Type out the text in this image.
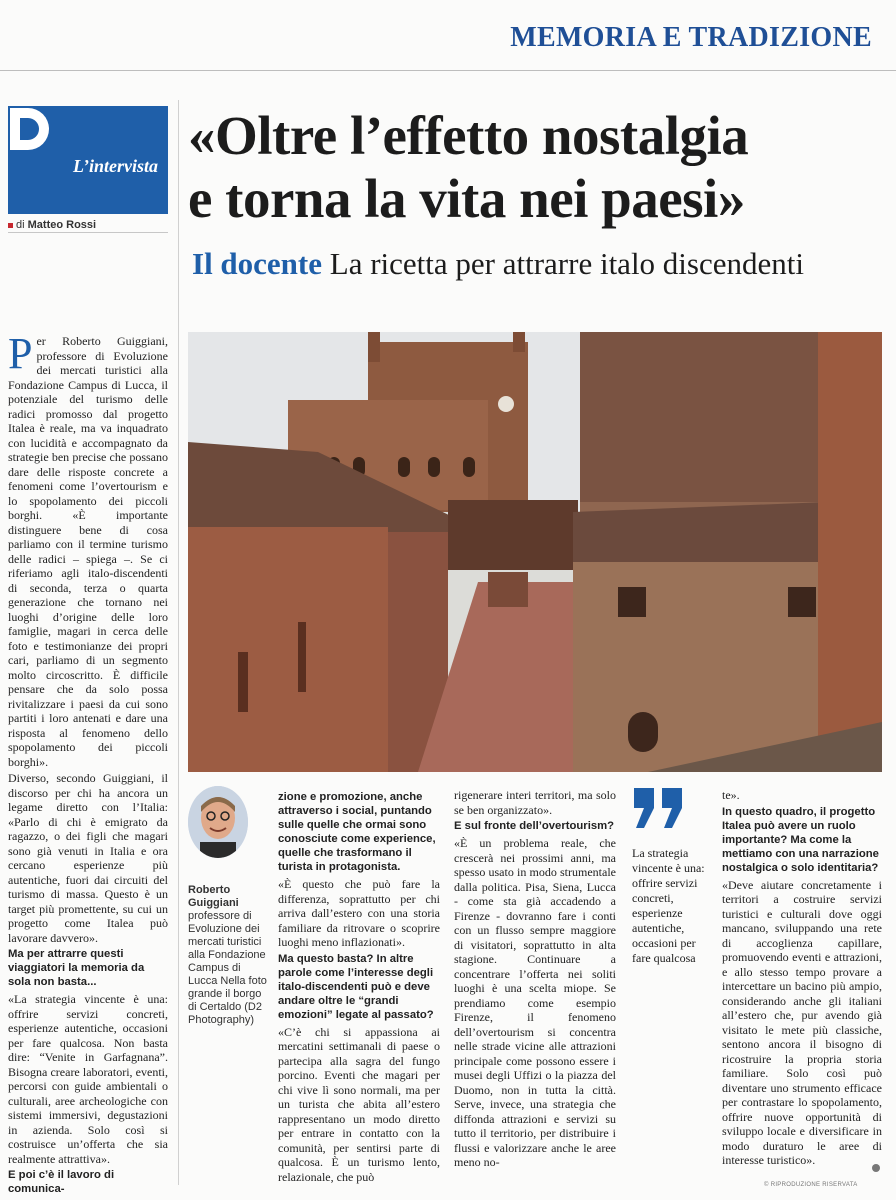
MEMORIA E TRADIZIONE
L’intervista
di Matteo Rossi
«Oltre l’effetto nostalgia
e torna la vita nei paesi»
Il docente La ricetta per attrarre italo discendenti

Per Roberto Guiggiani, professore di Evoluzione dei mercati turistici alla Fondazione Campus di Lucca, il potenziale del turismo delle radici promosso dal progetto Italea è reale, ma va inquadrato con lucidità e accompagnato da strategie ben precise che possano dare delle risposte concrete a fenomeni come l’overtourism e lo spopolamento dei piccoli borghi. «È importante distinguere bene di cosa parliamo con il termine turismo delle radici – spiega –. Se ci riferiamo agli italo-discendenti di seconda, terza o quarta generazione che tornano nei luoghi d’origine delle loro famiglie, magari in cerca delle foto e testimonianze dei propri cari, parliamo di un segmento molto circoscritto. È difficile pensare che da solo possa rivitalizzare i paesi da cui sono partiti i loro antenati e dare una risposta al fenomeno dello spopolamento dei piccoli borghi».

Diverso, secondo Guiggiani, il discorso per chi ha ancora un legame diretto con l’Italia: «Parlo di chi è emigrato da ragazzo, o dei figli che magari sono già venuti in Italia e ora cercano esperienze più autentiche, fuori dai circuiti del turismo di massa. Questo è un target più promettente, su cui un progetto come Italea può lavorare davvero».

Ma per attrarre questi viaggiatori la memoria da sola non basta...

«La strategia vincente è una: offrire servizi concreti, esperienze autentiche, occasioni per fare qualcosa. Non basta dire: “Venite in Garfagnana”. Bisogna creare laboratori, eventi, percorsi con guide ambientali o culturali, aree archeologiche con sistemi immersivi, degustazioni in azienda. Solo così si costruisce un’offerta che sia realmente attrattiva».

E poi c’è il lavoro di comunica-

Roberto Guiggiani
professore di Evoluzione dei mercati turistici alla Fondazione Campus di Lucca Nella foto grande il borgo di Certaldo (D2 Photography)

zione e promozione, anche attraverso i social, puntando sulle quelle che ormai sono conosciute come experience, quelle che trasformano il turista in protagonista.

«È questo che può fare la differenza, soprattutto per chi arriva dall’estero con una storia familiare da ritrovare o scoprire luoghi meno inflazionati».

Ma questo basta? In altre parole come l’interesse degli italo-discendenti può e deve andare oltre le “grandi emozioni” legate al passato?

«C’è chi si appassiona ai mercatini settimanali di paese o partecipa alla sagra del fungo porcino. Eventi che magari per chi vive lì sono normali, ma per un turista che abita all’estero rappresentano un modo diretto per entrare in contatto con la comunità, per sentirsi parte di qualcosa. È un turismo lento, relazionale, che può

rigenerare interi territori, ma solo se ben organizzato».

E sul fronte dell’overtourism?

«È un problema reale, che crescerà nei prossimi anni, ma spesso usato in modo strumentale dalla politica. Pisa, Siena, Lucca - come sta già accadendo a Firenze - dovranno fare i conti con un flusso sempre maggiore di visitatori, soprattutto in alta stagione. Continuare a concentrare l’offerta nei soliti luoghi è una scelta miope. Se prendiamo come esempio Firenze, il fenomeno dell’overtourism si concentra nelle strade vicine alle attrazioni principale come possono essere i musei degli Uffizi o la piazza del Duomo, non in tutta la città. Serve, invece, una strategia che diffonda attrazioni e servizi su tutto il territorio, per distribuire i flussi e valorizzare anche le aree meno no-

La strategia vincente è una: offrire servizi concreti, esperienze autentiche, occasioni per fare qualcosa

te».

In questo quadro, il progetto Italea può avere un ruolo importante? Ma come la mettiamo con una narrazione nostalgica o solo identitaria?

«Deve aiutare concretamente i territori a costruire servizi turistici e culturali dove oggi mancano, sviluppando una rete di accoglienza capillare, promuovendo eventi e attrazioni, e allo stesso tempo provare a intercettare un bacino più ampio, considerando anche gli italiani all’estero che, pur avendo già visitato le mete più classiche, sentono ancora il bisogno di ricostruire la propria storia familiare. Solo così può diventare uno strumento efficace per contrastare lo spopolamento, offrire nuove opportunità di sviluppo locale e diversificare in modo duraturo le aree di interesse turistico».

© RIPRODUZIONE RISERVATA
